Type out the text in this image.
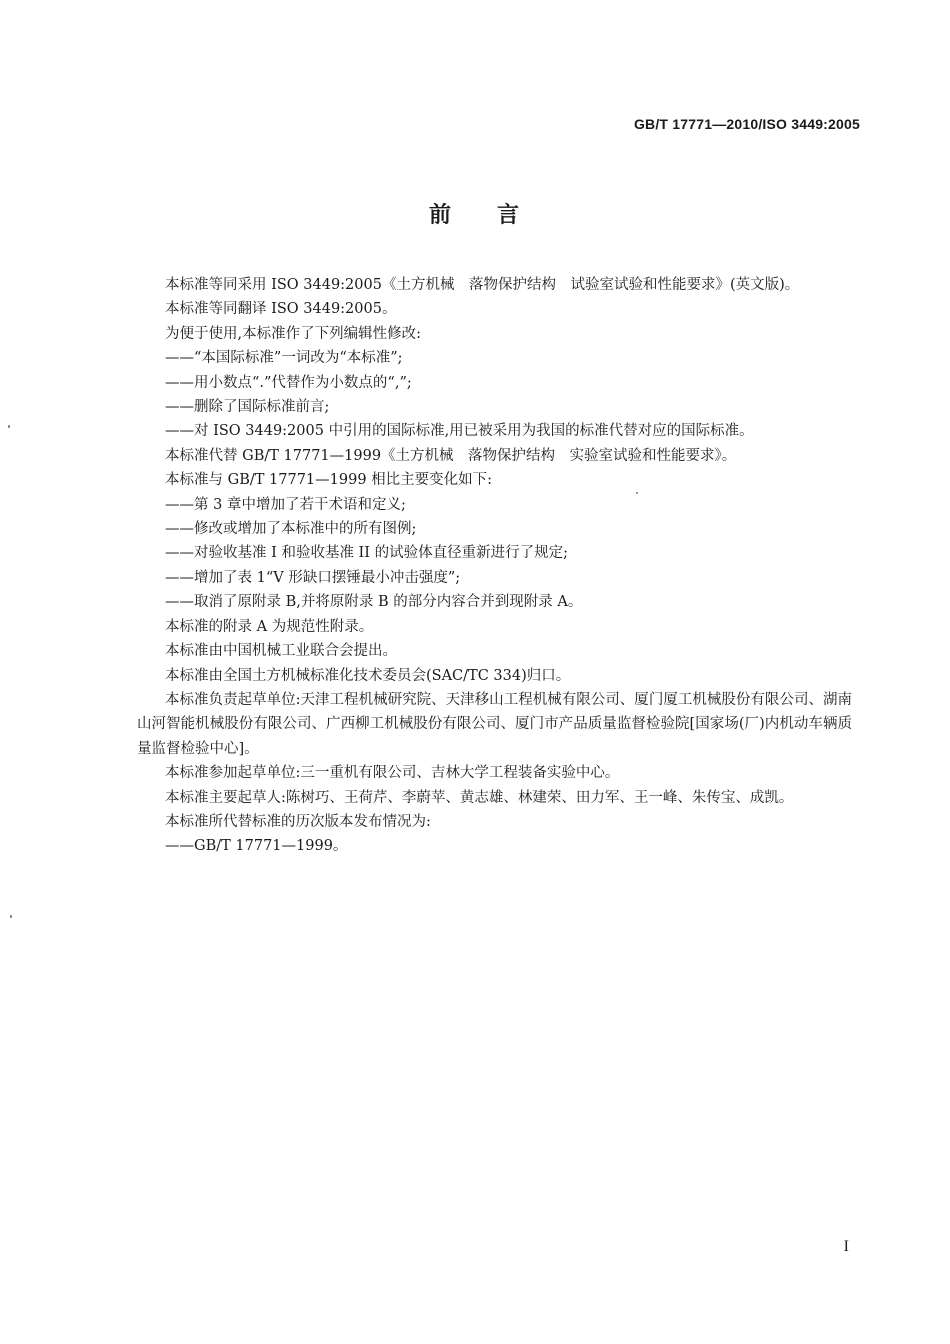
GB/T 17771—2010/ISO 3449:2005
前 言

本标准等同采用 ISO 3449:2005《土方机械　落物保护结构　试验室试验和性能要求》(英文版)。

本标准等同翻译 ISO 3449:2005。

为便于使用,本标准作了下列编辑性修改:

——“本国际标准”一词改为“本标准”;

——用小数点“.”代替作为小数点的“,”;

——删除了国际标准前言;

——对 ISO 3449:2005 中引用的国际标准,用已被采用为我国的标准代替对应的国际标准。

本标准代替 GB/T 17771—1999《土方机械　落物保护结构　实验室试验和性能要求》。

本标准与 GB/T 17771—1999 相比主要变化如下:

——第 3 章中增加了若干术语和定义;

——修改或增加了本标准中的所有图例;

——对验收基准 I 和验收基准 II 的试验体直径重新进行了规定;

——增加了表 1“V 形缺口摆锤最小冲击强度”;

——取消了原附录 B,并将原附录 B 的部分内容合并到现附录 A。

本标准的附录 A 为规范性附录。

本标准由中国机械工业联合会提出。

本标准由全国土方机械标准化技术委员会(SAC/TC 334)归口。

本标准负责起草单位:天津工程机械研究院、天津移山工程机械有限公司、厦门厦工机械股份有限公司、湖南山河智能机械股份有限公司、广西柳工机械股份有限公司、厦门市产品质量监督检验院[国家场(厂)内机动车辆质量监督检验中心]。

本标准参加起草单位:三一重机有限公司、吉林大学工程装备实验中心。

本标准主要起草人:陈树巧、王荷芹、李蔚苹、黄志雄、林建荣、田力军、王一峰、朱传宝、成凯。

本标准所代替标准的历次版本发布情况为:

——GB/T 17771—1999。

I
